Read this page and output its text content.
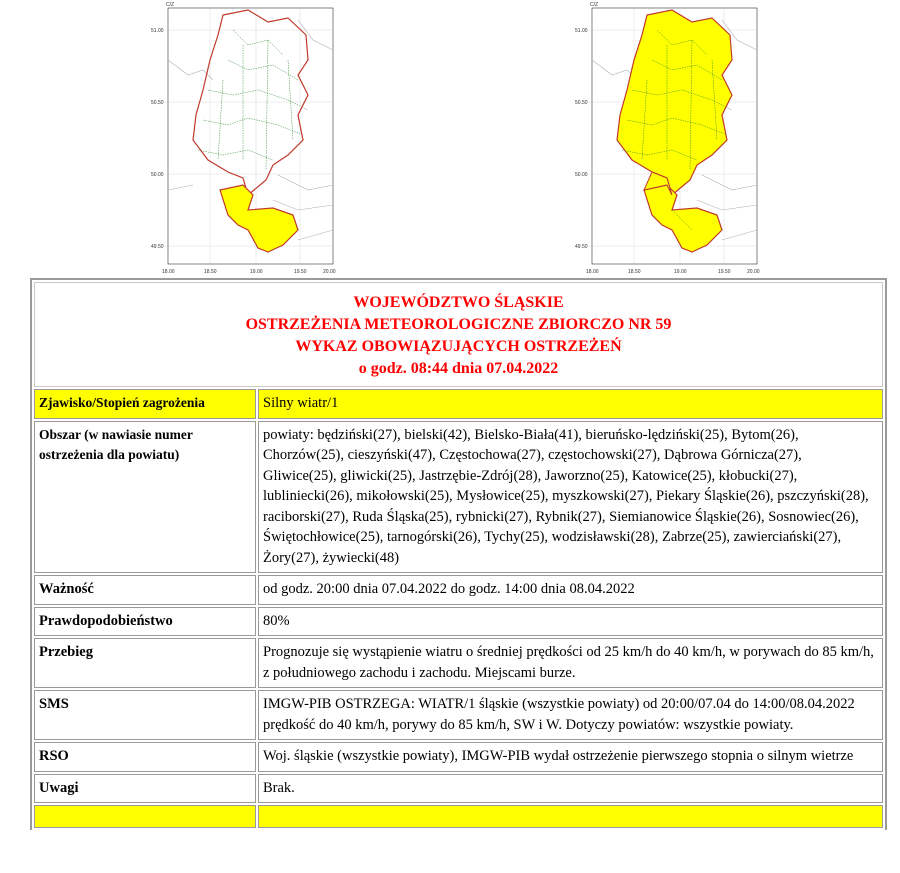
C/Z
51.00
50.50
50.00
49.50
18.00	18.50	19.00	19.50	20.00
C/Z
51.00
50.50
50.00
49.50
18.00	18.50	19.00	19.50	20.00
WOJEWÓDZTWO ŚLĄSKIE
OSTRZEŻENIA METEOROLOGICZNE ZBIORCZO NR 59
WYKAZ OBOWIĄZUJĄCYCH OSTRZEŻEŃ
o godz. 08:44 dnia 07.04.2022
Zjawisko/Stopień zagrożenia	Silny wiatr/1
Obszar (w nawiasie numer ostrzeżenia dla powiatu)	powiaty: będziński(27), bielski(42), Bielsko-Biała(41), bieruńsko-lędziński(25), Bytom(26), Chorzów(25), cieszyński(47), Częstochowa(27), częstochowski(27), Dąbrowa Górnicza(27), Gliwice(25), gliwicki(25), Jastrzębie-Zdrój(28), Jaworzno(25), Katowice(25), kłobucki(27), lubliniecki(26), mikołowski(25), Mysłowice(25), myszkowski(27), Piekary Śląskie(26), pszczyński(28), raciborski(27), Ruda Śląska(25), rybnicki(27), Rybnik(27), Siemianowice Śląskie(26), Sosnowiec(26), Świętochłowice(25), tarnogórski(26), Tychy(25), wodzisławski(28), Zabrze(25), zawierciański(27), Żory(27), żywiecki(48)
Ważność	od godz. 20:00 dnia 07.04.2022 do godz. 14:00 dnia 08.04.2022
Prawdopodobieństwo	80%
Przebieg	Prognozuje się wystąpienie wiatru o średniej prędkości od 25 km/h do 40 km/h, w porywach do 85 km/h, z południowego zachodu i zachodu. Miejscami burze.
SMS	IMGW-PIB OSTRZEGA: WIATR/1 śląskie (wszystkie powiaty) od 20:00/07.04 do 14:00/08.04.2022 prędkość do 40 km/h, porywy do 85 km/h, SW i W. Dotyczy powiatów: wszystkie powiaty.
RSO	Woj. śląskie (wszystkie powiaty), IMGW-PIB wydał ostrzeżenie pierwszego stopnia o silnym wietrze
Uwagi	Brak.
